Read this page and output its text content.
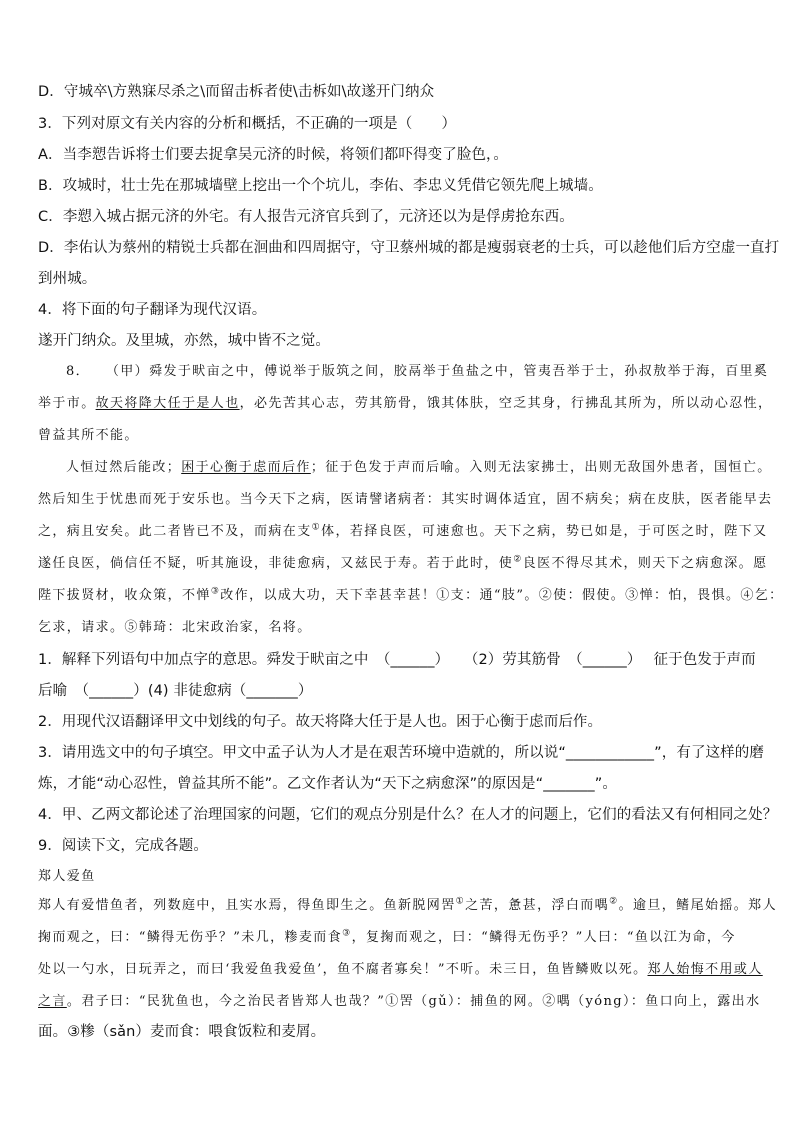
D．守城卒\方熟寐尽杀之\而留击柝者使\击柝如\故遂开门纳众
3．下列对原文有关内容的分析和概括，不正确的一项是（　　）
A．当李愬告诉将士们要去捉拿吴元济的时候，将领们都吓得变了脸色，。
B．攻城时，壮士先在那城墙壁上挖出一个个坑儿，李佑、李忠义凭借它领先爬上城墙。
C．李愬入城占据元济的外宅。有人报告元济官兵到了，元济还以为是俘虏抢东西。
D．李佑认为蔡州的精锐士兵都在洄曲和四周据守，守卫蔡州城的都是瘦弱衰老的士兵，可以趁他们后方空虚一直打
到州城。
4．将下面的句子翻译为现代汉语。
遂开门纳众。及里城，亦然，城中皆不之觉。
8．　　（甲）舜发于畎亩之中，傅说举于版筑之间，胶鬲举于鱼盐之中，管夷吾举于士，孙叔敖举于海，百里奚
举于市。故天将降大任于是人也，必先苦其心志，劳其筋骨，饿其体肤，空乏其身，行拂乱其所为，所以动心忍性，
曾益其所不能。
人恒过然后能改；困于心衡于虑而后作；征于色发于声而后喻。入则无法家拂士，出则无敌国外患者，国恒亡。
然后知生于忧患而死于安乐也。当今天下之病，医请譬诸病者：其实时调体适宜，固不病矣；病在皮肤，医者能早去
之，病且安矣。此二者皆已不及，而病在支①体，若择良医，可速愈也。天下之病，势已如是，于可医之时，陛下又
遂任良医，倘信任不疑，听其施设，非徒愈病，又兹民于寿。若于此时，使②良医不得尽其术，则天下之病愈深。愿
陛下拔贤材，收众策，不惮③改作，以成大功，天下幸甚幸甚！①支：通“肢”。②使：假使。③惮：怕，畏惧。④乞：
乞求，请求。⑤韩琦：北宋政治家，名将。
1．解释下列语句中加点字的意思。舜发于畎亩之中　（______）　　（2）劳其筋骨　（______）　 征于色发于声而
后喻　（______）(4) 非徒愈病（_______）
2．用现代汉语翻译甲文中划线的句子。故天将降大任于是人也。困于心衡于虑而后作。
3．请用选文中的句子填空。甲文中孟子认为人才是在艰苦环境中造就的，所以说“____________”，有了这样的磨
炼，才能“动心忍性，曾益其所不能”。乙文作者认为“天下之病愈深”的原因是“_______”。
4．甲、乙两文都论述了治理国家的问题，它们的观点分别是什么？在人才的问题上，它们的看法又有何相同之处？
9．阅读下文，完成各题。
郑人爱鱼
郑人有爱惜鱼者，列数庭中，且实水焉，得鱼即生之。鱼新脱网罟①之苦，惫甚，浮白而喁②。逾旦，鳍尾始摇。郑人
掬而观之，曰：“鳞得无伤乎？”未几，糁麦而食③，复掬而观之，曰：“鳞得无伤乎？”人曰：“鱼以江为命，今
处以一勺水，日玩弄之，而曰‘我爱鱼我爱鱼’，鱼不腐者寡矣！”不听。未三日，鱼皆鳞败以死。郑人始悔不用或人
之言。君子曰：“民犹鱼也，今之治民者皆郑人也哉？”①罟（gǔ）：捕鱼的网。②喁（yóng）：鱼口向上，露出水
面。③糁（sǎn）麦而食：喂食饭粒和麦屑。
